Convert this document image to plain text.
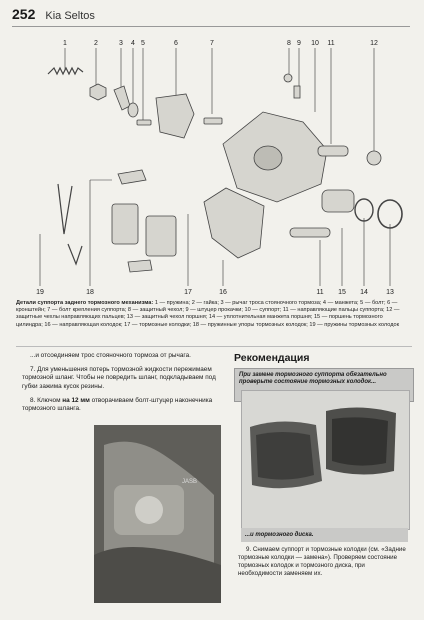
252 Kia Seltos
1	2	3 4 5	6	7	8 9 10 11	12
19	18	17	16	11 15 14	13
Детали суппорта заднего тормозного механизма: 1 — пружина; 2 — гайка; 3 — рычаг троса стояночного тормоза; 4 — манжета; 5 — болт; 6 — кронштейн; 7 — болт крепления суппорта; 8 — защитный чехол; 9 — штуцер прокачки; 10 — суппорт; 11 — направляющие пальцы суппорта; 12 — защитные чехлы направляющих пальцев; 13 — защитный чехол поршня; 14 — уплотнительная манжета поршня; 15 — поршень тормозного цилиндра; 16 — направляющая колодок; 17 — тормозные колодки; 18 — пружинные упоры тормозных колодок; 19 — пружины тормозных колодок

...и отсоединяем трос стояночного тормоза от рычага.

7. Для уменьшения потерь тормозной жидкости пережимаем тормозной шланг. Чтобы не повредить шланг, подкладываем под губки зажима кусок резины.

8. Ключом на 12 мм отворачиваем болт-штуцер наконечника тормозного шланга.

JASB
Рекомендация
При замене тормозного суппорта обязательно проверьте состояние тормозных колодок...
...и тормозного диска.

9. Снимаем суппорт и тормозные колодки (см. «Задние тормозные колодки — замена»). Проверяем состояние тормозных колодок и тормозного диска, при необходимости заменяем их.
